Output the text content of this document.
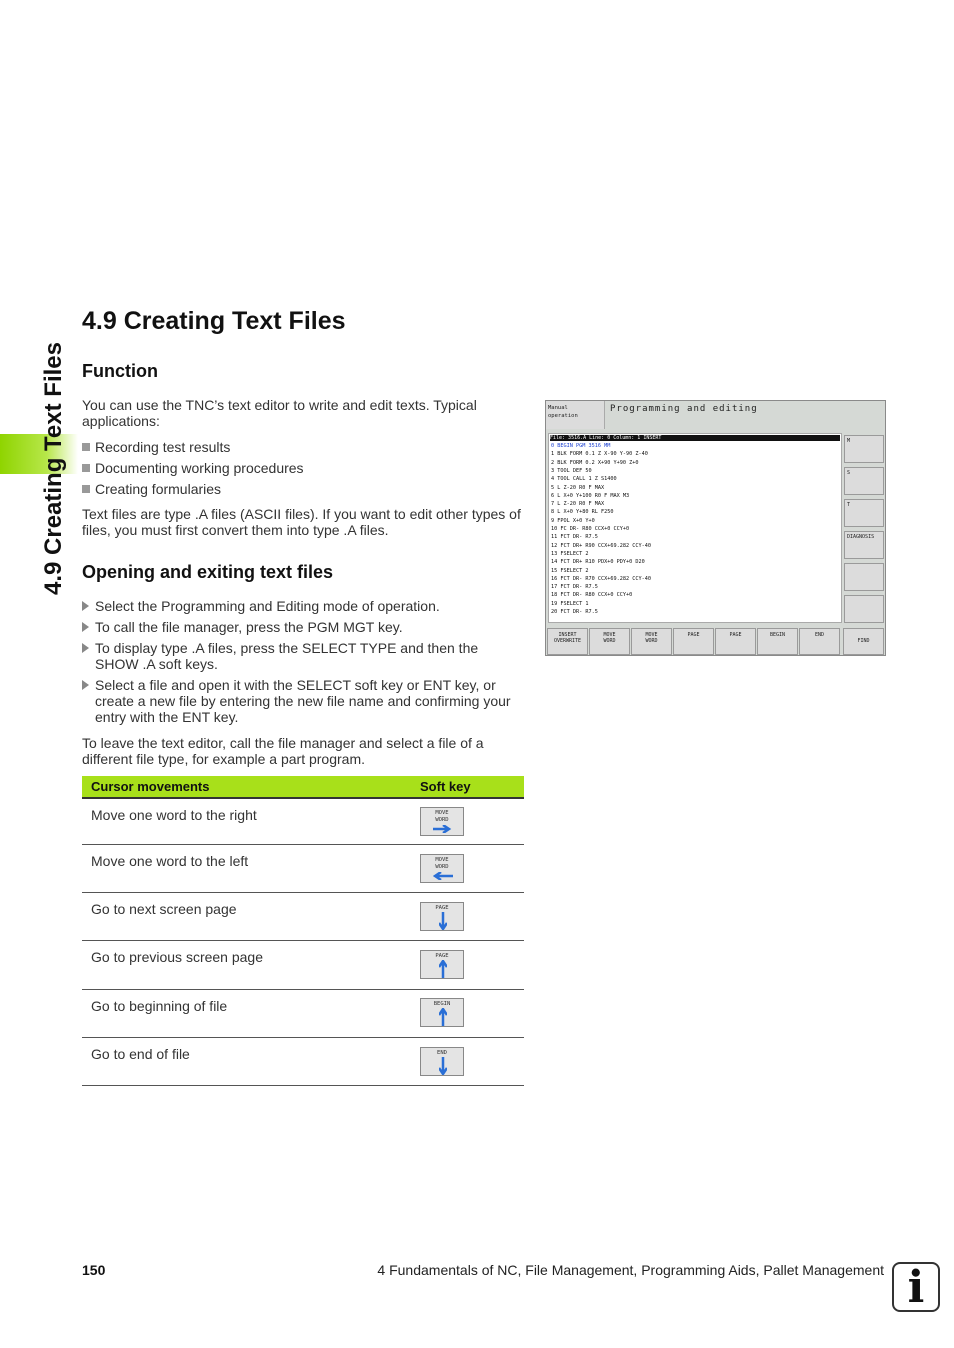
4.9 Creating Text Files
4.9 Creating Text Files
Function

You can use the TNC’s text editor to write and edit texts. Typical applications:

Recording test results
Documenting working procedures
Creating formularies

Text files are type .A files (ASCII files). If you want to edit other types of files, you must first convert them into type .A files.

Opening and exiting text files
Select the Programming and Editing mode of operation.
To call the file manager, press the PGM MGT key.
To display type .A files, press the SELECT TYPE and then the SHOW .A soft keys.
Select a file and open it with the SELECT soft key or ENT key, or create a new file by entering the new file name and confirming your entry with the ENT key.

To leave the text editor, call the file manager and select a file of a different file type, for example a part program.

Cursor movements	Soft key
Move one word to the right	MOVE
WORD
Move one word to the left	MOVE
WORD
Go to next screen page	PAGE
Go to previous screen page	PAGE
Go to beginning of file	BEGIN
Go to end of file	END
Manual
operation
Programming and editing
File: 3516.A Line: 0 Column: 1 INSERT
0 BEGIN PGM 3516 MM
1 BLK FORM 0.1 Z X-90 Y-90 Z-40
2 BLK FORM 0.2 X+90 Y+90 Z+0
3 TOOL DEF 50
4 TOOL CALL 1 Z S1400
5 L Z-20 R0 F MAX
6 L X+0 Y+100 R0 F MAX M3
7 L Z-20 R0 F MAX
8 L X+0 Y+80 RL F250
9 FPOL X+0 Y+0
10 FC DR- R80 CCX+0 CCY+0
11 FCT DR- R7.5
12 FCT DR+ R90 CCX+69.282 CCY-40
13 FSELECT 2
14 FCT DR+ R10 PDX+0 PDY+0 D20
15 FSELECT 2
16 FCT DR- R70 CCX+69.282 CCY-40
17 FCT DR- R7.5
18 FCT DR- R80 CCX+0 CCY+0
19 FSELECT 1
20 FCT DR- R7.5
M
S
T
DIAGNOSIS
INSERT
OVERWRITE
MOVE
WORD
MOVE
WORD
PAGE	PAGE	BEGIN	END
FIND
150	4 Fundamentals of NC, File Management, Programming Aids, Pallet Management i
